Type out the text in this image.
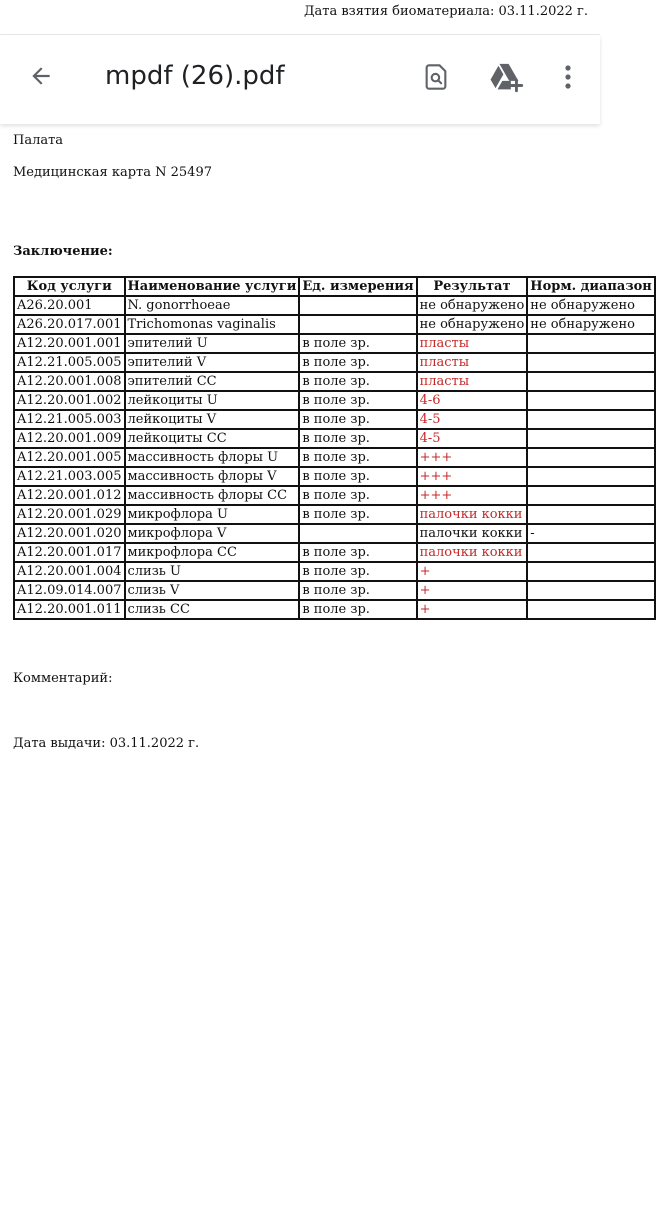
Дата взятия биоматериала: 03.11.2022 г.
mpdf (26).pdf
Палата
Медицинская карта N 25497
Заключение:
Код услуги	Наименование услуги	Ед. измерения	Результат	Норм. диапазон
A26.20.001	N. gonorrhoeae		не обнаружено	не обнаружено
A26.20.017.001	Trichomonas vaginalis		не обнаружено	не обнаружено
A12.20.001.001	эпителий U	в поле зр.	пласты	
A12.21.005.005	эпителий V	в поле зр.	пласты	
A12.20.001.008	эпителий CC	в поле зр.	пласты	
A12.20.001.002	лейкоциты U	в поле зр.	4-6	
A12.21.005.003	лейкоциты V	в поле зр.	4-5	
A12.20.001.009	лейкоциты CC	в поле зр.	4-5	
A12.20.001.005	массивность флоры U	в поле зр.	+++	
A12.21.003.005	массивность флоры V	в поле зр.	+++	
A12.20.001.012	массивность флоры CC	в поле зр.	+++	
A12.20.001.029	микрофлора U	в поле зр.	палочки кокки	
A12.20.001.020	микрофлора V		палочки кокки	-
A12.20.001.017	микрофлора CC	в поле зр.	палочки кокки	
A12.20.001.004	слизь U	в поле зр.	+	
A12.09.014.007	слизь V	в поле зр.	+	
A12.20.001.011	слизь CC	в поле зр.	+	
Комментарий:
Дата выдачи: 03.11.2022 г.
